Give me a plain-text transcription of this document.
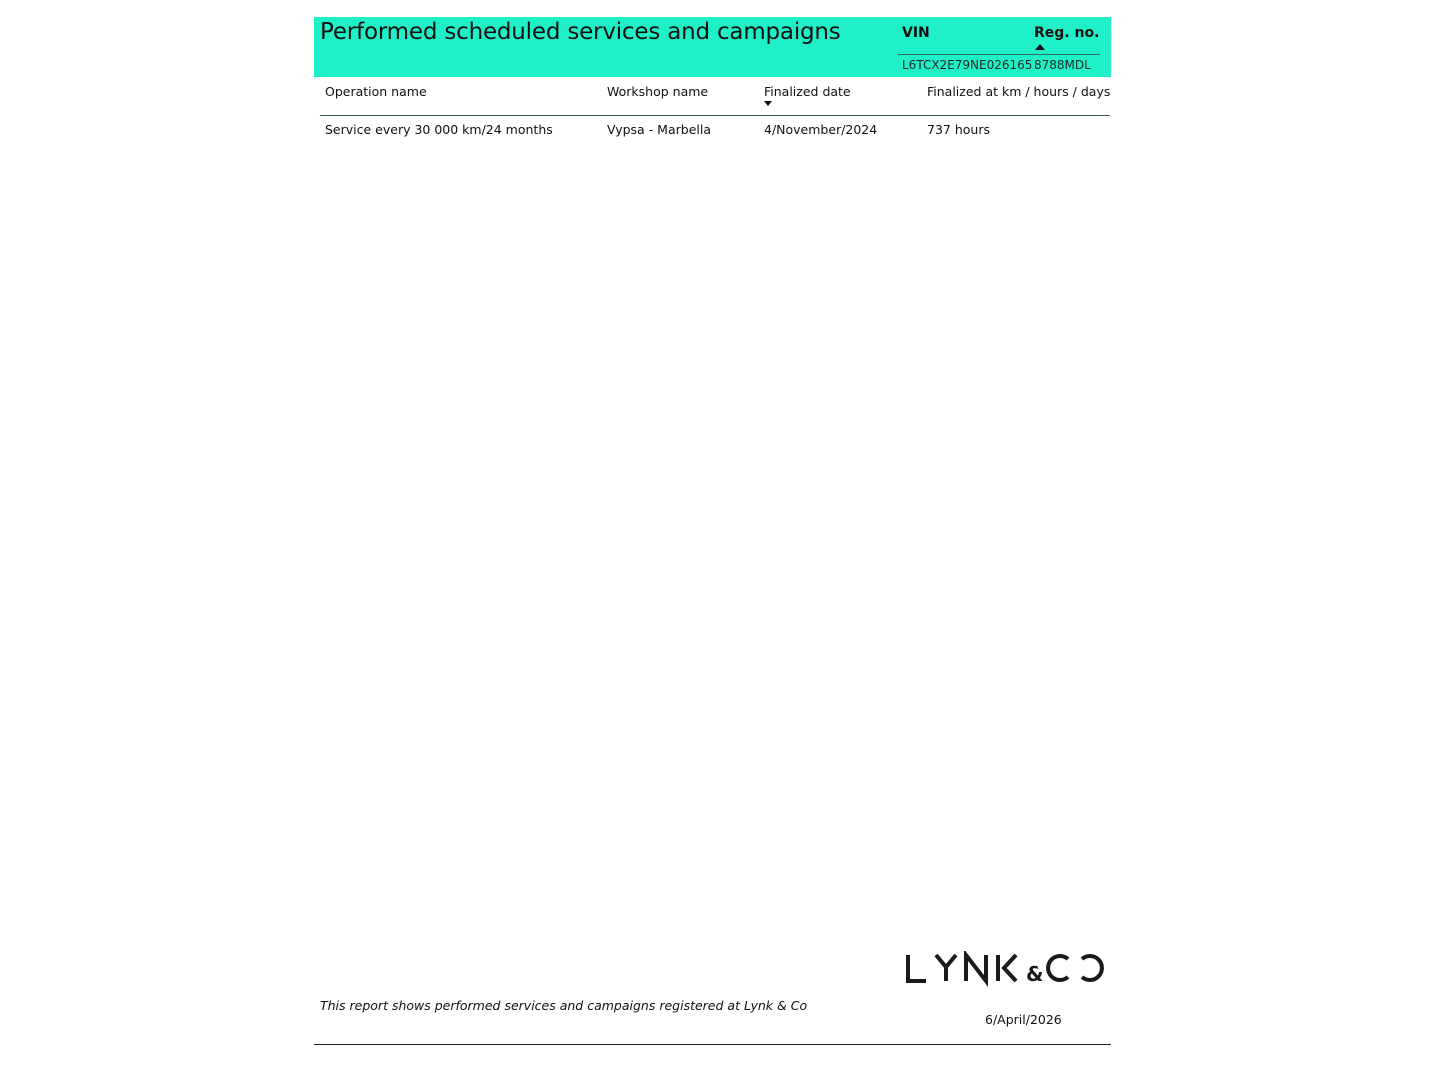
Performed scheduled services and campaigns	VIN	Reg. no.
L6TCX2E79NE026165 8788MDL
Operation name	Workshop name	Finalized date	Finalized at km / hours / days
Service every 30 000 km/24 months	Vypsa - Marbella	4/November/2024	737 hours
&
This report shows performed services and campaigns registered at Lynk & Co
6/April/2026
